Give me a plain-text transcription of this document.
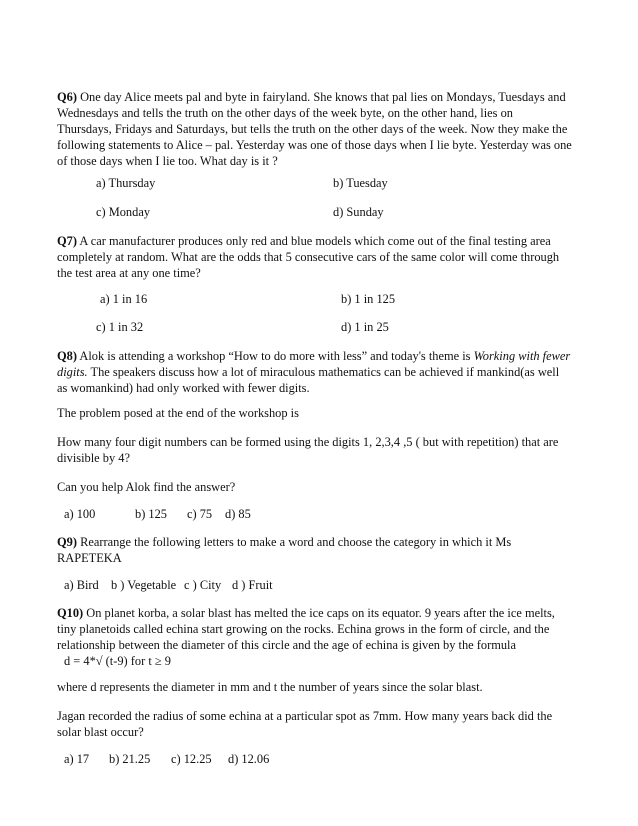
Q6) One day Alice meets pal and byte in fairyland. She knows that pal lies on Mondays, Tuesdays and
Wednesdays and tells the truth on the other days of the week byte, on the other hand, lies on
Thursdays, Fridays and Saturdays, but tells the truth on the other days of the week. Now they make the
following statements to Alice – pal. Yesterday was one of those days when I lie byte. Yesterday was one
of those days when I lie too. What day is it ?
a) Thursday	b) Tuesday
c) Monday	d) Sunday
Q7) A car manufacturer produces only red and blue models which come out of the final testing area
completely at random. What are the odds that 5 consecutive cars of the same color will come through
the test area at any one time?
a) 1 in 16	b) 1 in 125
c) 1 in 32	d) 1 in 25
Q8) Alok is attending a workshop “How to do more with less” and today's theme is Working with fewer
digits. The speakers discuss how a lot of miraculous mathematics can be achieved if mankind(as well
as womankind) had only worked with fewer digits.
The problem posed at the end of the workshop is
How many four digit numbers can be formed using the digits 1, 2,3,4 ,5 ( but with repetition) that are
divisible by 4?
Can you help Alok find the answer?
a) 100	b) 125 c) 75 d) 85
Q9) Rearrange the following letters to make a word and choose the category in which it Ms
RAPETEKA
a) Bird b ) Vegetable c ) City d ) Fruit
Q10) On planet korba, a solar blast has melted the ice caps on its equator. 9 years after the ice melts,
tiny planetoids called echina start growing on the rocks. Echina grows in the form of circle, and the
relationship between the diameter of this circle and the age of echina is given by the formula
d = 4*√ (t-9) for t ≥ 9
where d represents the diameter in mm and t the number of years since the solar blast.
Jagan recorded the radius of some echina at a particular spot as 7mm. How many years back did the
solar blast occur?
a) 17 b) 21.25 c) 12.25 d) 12.06
